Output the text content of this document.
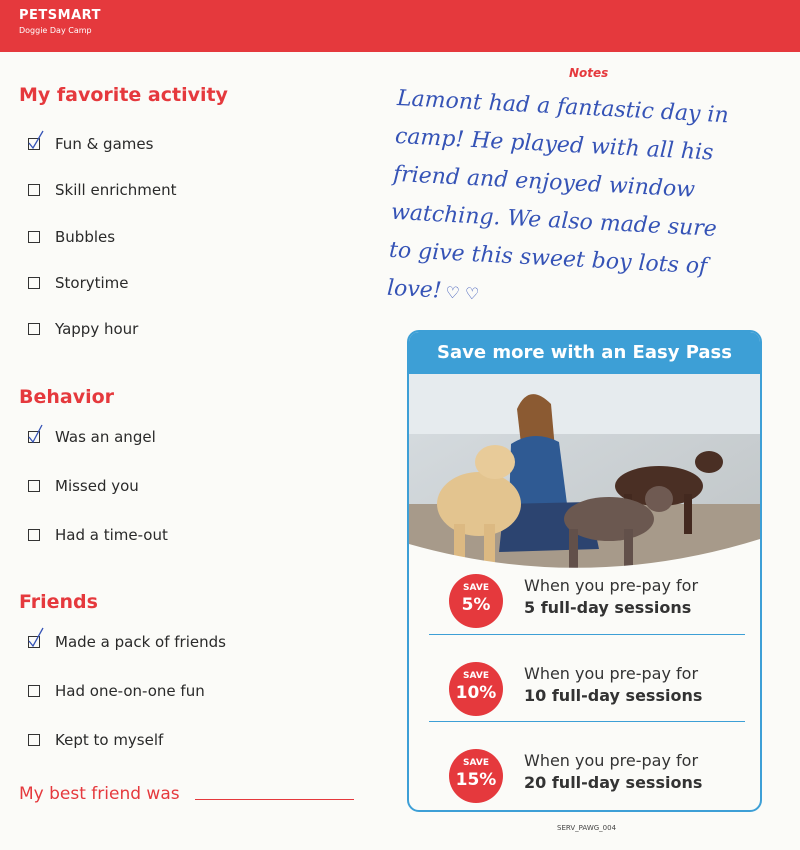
PETSMART
Doggie Day Camp
My favorite activity
Fun & games
Skill enrichment
Bubbles
Storytime
Yappy hour
Behavior
Was an angel
Missed you
Had a time-out
Friends
Made a pack of friends
Had one-on-one fun
Kept to myself
My best friend was
Notes
Lamont had a fantastic day in
camp! He played with all his
friend and enjoyed window
watching. We also made sure
to give this sweet boy lots of
love! ♡ ♡
Save more with an Easy Pass
SAVE
5%
When you pre-pay for
5 full-day sessions
SAVE
10%
When you pre-pay for
10 full-day sessions
SAVE
15%
When you pre-pay for
20 full-day sessions
SERV_PAWG_004
